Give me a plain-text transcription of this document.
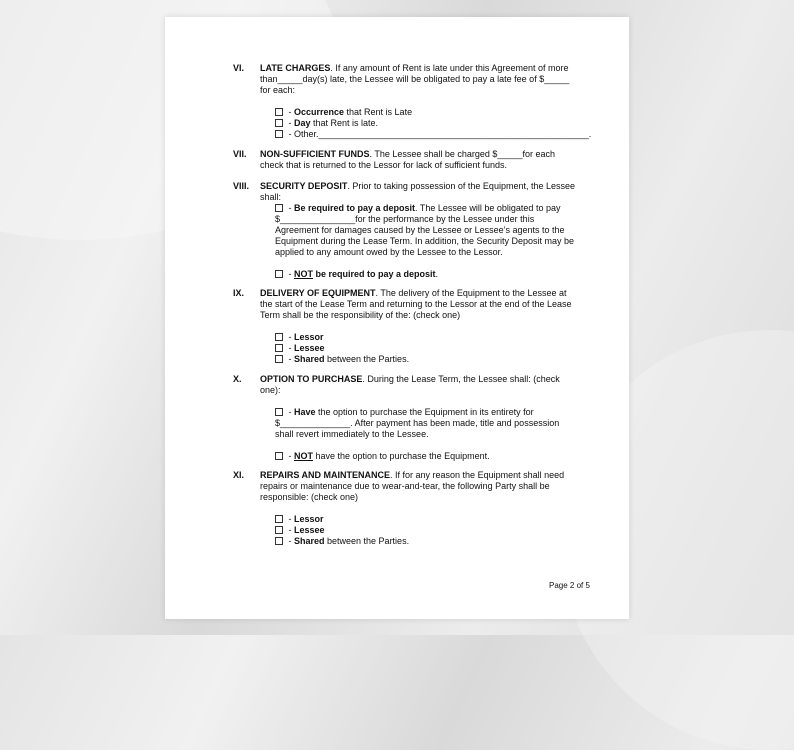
VI. LATE CHARGES. If any amount of Rent is late under this Agreement of more than_____day(s) late, the Lessee will be obligated to pay a late fee of $_____ for each:
- Occurrence that Rent is Late
- Day that Rent is late.
- Other.______________________________________________________.
VII. NON-SUFFICIENT FUNDS. The Lessee shall be charged $_____for each check that is returned to the Lessor for lack of sufficient funds.
VIII. SECURITY DEPOSIT. Prior to taking possession of the Equipment, the Lessee shall:
- Be required to pay a deposit. The Lessee will be obligated to pay $_______________for the performance by the Lessee under this Agreement for damages caused by the Lessee or Lessee’s agents to the Equipment during the Lease Term. In addition, the Security Deposit may be applied to any amount owed by the Lessee to the Lessor.
- NOT be required to pay a deposit.
IX. DELIVERY OF EQUIPMENT. The delivery of the Equipment to the Lessee at the start of the Lease Term and returning to the Lessor at the end of the Lease Term shall be the responsibility of the: (check one)
- Lessor
- Lessee
- Shared between the Parties.
X. OPTION TO PURCHASE. During the Lease Term, the Lessee shall: (check one):
- Have the option to purchase the Equipment in its entirety for $______________. After payment has been made, title and possession shall revert immediately to the Lessee.
- NOT have the option to purchase the Equipment.
XI. REPAIRS AND MAINTENANCE. If for any reason the Equipment shall need repairs or maintenance due to wear-and-tear, the following Party shall be responsible: (check one)
- Lessor
- Lessee
- Shared between the Parties.
Page 2 of 5
